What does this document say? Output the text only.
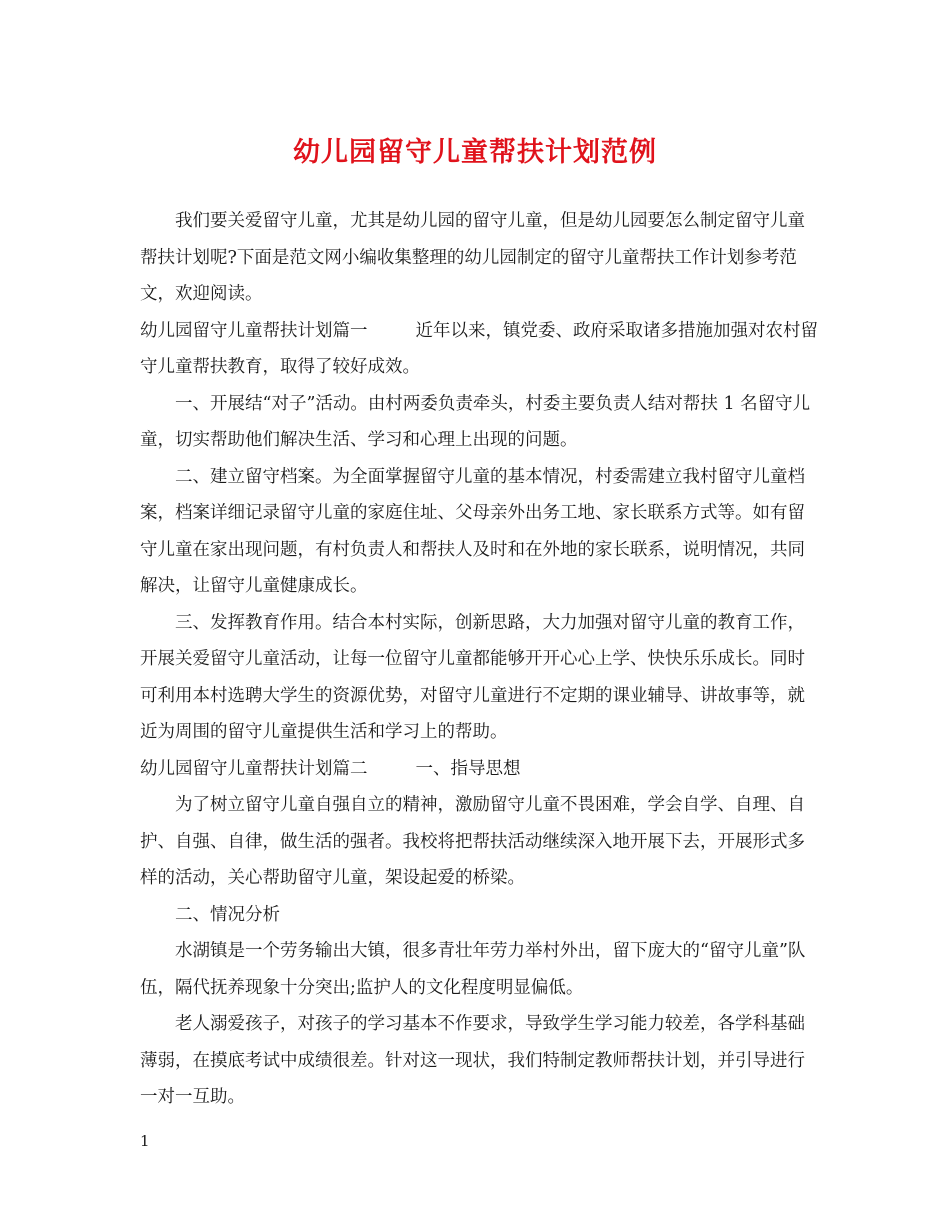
幼儿园留守儿童帮扶计划范例

我们要关爱留守儿童，尤其是幼儿园的留守儿童，但是幼儿园要怎么制定留守儿童帮扶计划呢?下面是范文网小编收集整理的幼儿园制定的留守儿童帮扶工作计划参考范文，欢迎阅读。

幼儿园留守儿童帮扶计划篇一	近年以来，镇党委、政府采取诸多措施加强对农村留守儿童帮扶教育，取得了较好成效。

一、开展结“对子”活动。由村两委负责牵头，村委主要负责人结对帮扶 1 名留守儿童，切实帮助他们解决生活、学习和心理上出现的问题。

二、建立留守档案。为全面掌握留守儿童的基本情况，村委需建立我村留守儿童档案，档案详细记录留守儿童的家庭住址、父母亲外出务工地、家长联系方式等。如有留守儿童在家出现问题，有村负责人和帮扶人及时和在外地的家长联系，说明情况，共同解决，让留守儿童健康成长。

三、发挥教育作用。结合本村实际，创新思路，大力加强对留守儿童的教育工作，开展关爱留守儿童活动，让每一位留守儿童都能够开开心心上学、快快乐乐成长。同时可利用本村选聘大学生的资源优势，对留守儿童进行不定期的课业辅导、讲故事等，就近为周围的留守儿童提供生活和学习上的帮助。

幼儿园留守儿童帮扶计划篇二	一、指导思想

为了树立留守儿童自强自立的精神，激励留守儿童不畏困难，学会自学、自理、自护、自强、自律，做生活的强者。我校将把帮扶活动继续深入地开展下去，开展形式多样的活动，关心帮助留守儿童，架设起爱的桥梁。

二、情况分析

水湖镇是一个劳务输出大镇，很多青壮年劳力举村外出，留下庞大的“留守儿童”队伍，隔代抚养现象十分突出;监护人的文化程度明显偏低。

老人溺爱孩子，对孩子的学习基本不作要求，导致学生学习能力较差，各学科基础薄弱，在摸底考试中成绩很差。针对这一现状，我们特制定教师帮扶计划，并引导进行一对一互助。

1
